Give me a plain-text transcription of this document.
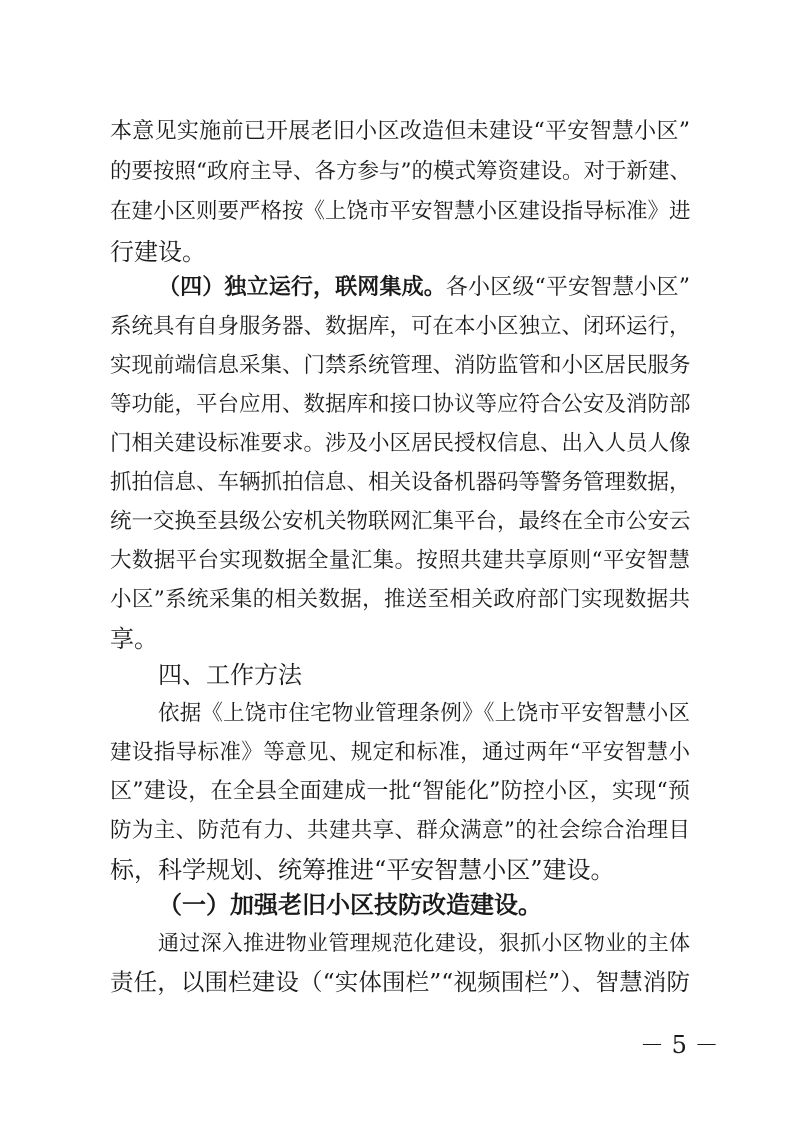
本意见实施前已开展老旧小区改造但未建设“平安智慧小区”
的要按照“政府主导、各方参与”的模式筹资建设。对于新建、
在建小区则要严格按《上饶市平安智慧小区建设指导标准》进
行建设。
（四）独立运行，联网集成。各小区级“平安智慧小区”
系统具有自身服务器、数据库，可在本小区独立、闭环运行，
实现前端信息采集、门禁系统管理、消防监管和小区居民服务
等功能，平台应用、数据库和接口协议等应符合公安及消防部
门相关建设标准要求。涉及小区居民授权信息、出入人员人像
抓拍信息、车辆抓拍信息、相关设备机器码等警务管理数据，
统一交换至县级公安机关物联网汇集平台，最终在全市公安云
大数据平台实现数据全量汇集。按照共建共享原则“平安智慧
小区”系统采集的相关数据，推送至相关政府部门实现数据共
享。
四、工作方法
依据《上饶市住宅物业管理条例》《上饶市平安智慧小区
建设指导标准》等意见、规定和标准，通过两年“平安智慧小
区”建设，在全县全面建成一批“智能化”防控小区，实现“预
防为主、防范有力、共建共享、群众满意”的社会综合治理目
标，科学规划、统筹推进“平安智慧小区”建设。
（一）加强老旧小区技防改造建设。
通过深入推进物业管理规范化建设，狠抓小区物业的主体
责任，以围栏建设（“实体围栏”“视频围栏”）、智慧消防
－ 5 －
